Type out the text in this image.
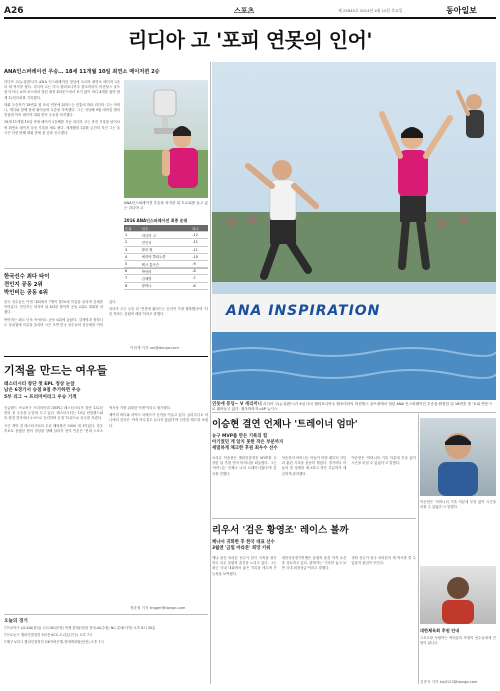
A26	스포츠	제 25645호 2014년 4월 10일 목요일	동아일보
리디아 고 '포피 연못의 인어'
ANA인스퍼레이션 우승… 18세 11개월 10일 최연소 메이저퀸 2승

리디아 고(뉴질랜드)가 ANA 인스퍼레이션 정상에 오르며 최연소 메이저 2승의 새 역사를 썼다. 리디아 고는 미국 캘리포니아주 랜초미라지 미션힐스 골프장 다이나 쇼어 코스에서 열린 최종 4라운드에서 보기 없이 버디 4개를 잡아 합계 12언더파를 기록했다.

대회 우승자가 18번홀 옆 포피 연못에 뛰어드는 전통에 따라 리디아 고는 어머니, 캐디와 함께 물에 뛰어들며 우승을 자축했다. 그는 지난해 9월 에비앙 챔피언십에 이어 메이저 대회 연속 우승을 차지했다.

18세 11개월 10일 만에 메이저 2승째를 거둔 리디아 고는 종전 기록을 넘어서며 최연소 메이저 다승 기록을 새로 썼다. 세계랭킹 1위를 굳건히 지킨 그는 올 시즌 다섯 번째 대회 만에 첫 승을 신고했다.

ANA인스퍼레이션 우승을 차지한 뒤 트로피를 들고 있는 리디아 고
2016 ANA인스퍼레이션 최종 순위
순위	선수	타수
1	리디아 고	-12
2	전인지	-11
3	찰리 헐	-11
4	에리야 쭈타누깐	-10
5	렉시 톰프슨	-9
6	박인비	-8
7	김세영	-7
8	장하나	-6
ANA INSPIRATION
연못에 풍덩~ V 세리머니 리디아 고(뉴질랜드)가 4일 미국 캘리포니아주 랜초미라지 미션힐스 골프장에서 열린 ANA 인스퍼레이션 우승을 확정한 뒤 18번홀 옆 '포피 연못'으로 뛰어들고 있다. 랜초미라지=AP 뉴시스
한국선수 최다 타이
전인지 공동 2위
박인비는 공동 6위

한국 선수들은 이번 대회에서 7명이 톱10에 이름을 올리며 강세를 이어갔다. 전인지는 마지막 날 4타를 줄이며 공동 2위로 대회를 마쳤다.

박인비는 퍼트 난조 속에서도 공동 6위에 올랐다. 김세영과 장하나도 상위권에 이름을 올리며 시즌 초반 한국 선수들의 상승세를 이어갔다.

리디아 고는 우승 뒤 '연못에 뛰어드는 순간이 가장 행복했다'며 '다음 목표는 올림픽 메달'이라고 말했다.

이헌재 기자 uni@donga.com
기적을 만드는 여우들
레스터시티 창단 첫 EPL 정상 눈앞
남은 6경기서 승점 8점 추가하면 우승
5부 리그 → 프리미어리그 우승 기적

잉글랜드 프로축구 프리미어리그(EPL) 레스터시티가 창단 132년 만의 첫 우승을 눈앞에 두고 있다. 레스터시티는 10일 선덜랜드와의 원정 경기에서 2-0으로 승리하며 승점 72점으로 선두를 지켰다.

시즌 개막 전 레스터시티의 우승 배당률은 5000 대 1이었다. 강등 후보로 꼽혔던 팀이 정상을 향해 달리자 현지 언론은 '현대 스포츠 역사상 가장 위대한 이변'이라고 평가했다.

제이미 바디와 리야드 마레즈가 공격을 이끌고 있다. 클라우디오 라니에리 감독은 '아직 아무것도 끝나지 않았다'며 신중한 태도를 보였다.

정윤철 기자 trigger@donga.com
오늘의 경기

▽프로야구 LG-KIA(잠실) 두산-SK(문학) 넥센-한화(대전) 삼성-kt(수원) NC-롯데(사직) 오후 6시 30분

▽프로농구 챔피언결정전 5차전 KCC-오리온(전주) 오후 7시

▽배구 V리그 챔피언결정전 OK저축은행-현대캐피탈(안산) 오후 7시

이승현 결연 언제나 '트레이너 엄마'
농구 MVP를 만든 기록의 힘
아기였던 게 알지 못한 작은 부분까지
세밀하게 체크한 후원 최우수 선수

오리온 이승현은 챔피언결정전 MVP를 수상한 뒤 가장 먼저 어머니를 떠올렸다. 그는 '어머니는 언제나 나의 트레이너였다'며 감사를 전했다.

이승현의 어머니는 아들이 어릴 때부터 식단과 훈련 기록을 꼼꼼히 챙겼다. 경기마다 아들의 몸 상태를 체크하고 작은 부분까지 세심하게 관리했다.

이승현은 '어머니의 기록 덕분에 부상 없이 시즌을 마칠 수 있었다'고 말했다.

이승현은 '어머니의 기록 덕분에 부상 없이 시즌을 마칠 수 있었다'고 말했다.

리우서 '검은 황영조' 레이스 볼까
케냐서 귀화한 후 한국 대표 선수
3월엔 '금빛 마라톤' 희망 키워

케냐 출신 마라톤 선수가 한국 국적을 취득하고 리우 올림픽 출전을 노리고 있다. 그는 최근 국내 대회에서 좋은 기록을 세우며 가능성을 보여줬다.

대한육상경기연맹은 올림픽 출전 자격 요건을 검토하고 있다. 관계자는 '기록만 놓고 보면 국내 최정상급'이라고 말했다.

귀화 선수가 한국 마라톤의 새 역사를 쓸 수 있을지 관심이 모인다.

대한체육회 후원 안내
스포츠를 사랑하는 여러분의 후원이 선수들에게 큰 힘이 됩니다.
김종석 기자 kjs0123@donga.com
